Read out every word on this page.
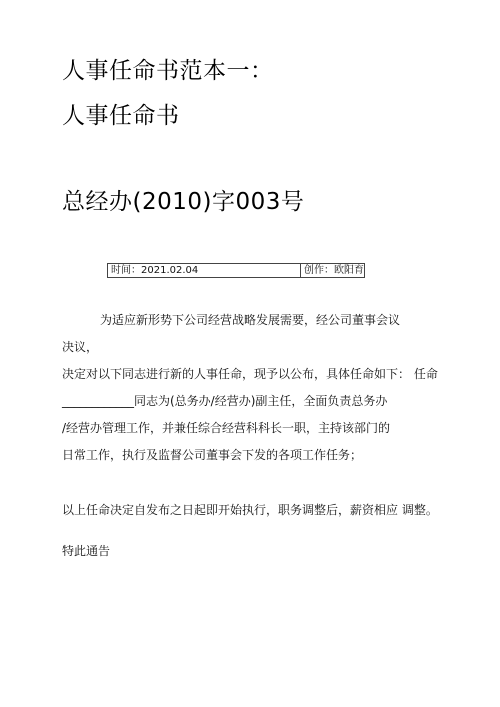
人事任命书范本一：
人事任命书
总经办(2010)字003号
时间：2021.02.04	创作：欧阳育
为适应新形势下公司经营战略发展需要，经公司董事会议
决议，
决定对以下同志进行新的人事任命，现予以公布，具体任命如下： 任命
____________同志为(总务办/经营办)副主任，全面负责总务办
/经营办管理工作，并兼任综合经营科科长一职，主持该部门的
日常工作，执行及监督公司董事会下发的各项工作任务；
以上任命决定自发布之日起即开始执行，职务调整后，薪资相应 调整。
特此通告
